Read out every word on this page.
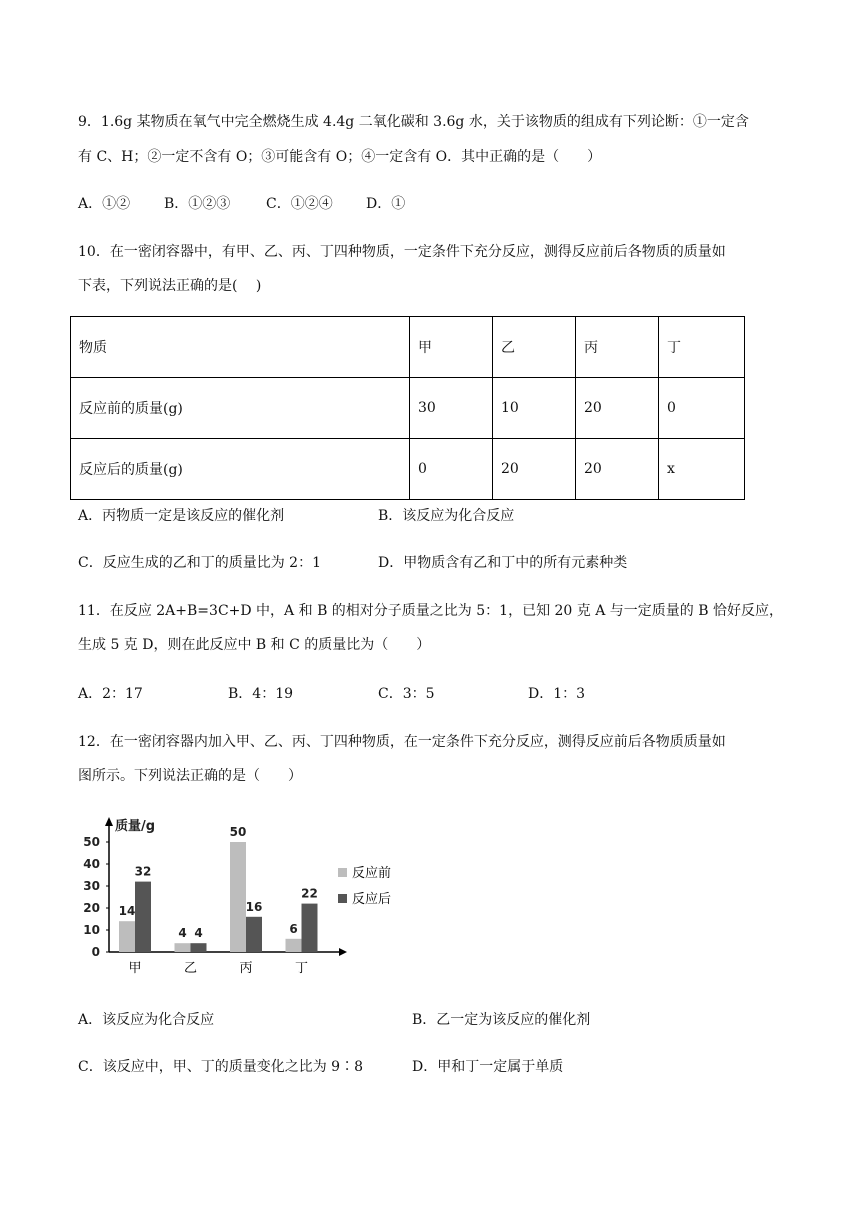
9．1.6g 某物质在氧气中完全燃烧生成 4.4g 二氧化碳和 3.6g 水，关于该物质的组成有下列论断：①一定含
有 C、H；②一定不含有 O；③可能含有 O；④一定含有 O．其中正确的是（　　）
A．①② B．①②③	C．①②④ D．①
10．在一密闭容器中，有甲、乙、丙、丁四种物质，一定条件下充分反应，测得反应前后各物质的质量如
下表，下列说法正确的是(　 )
物质	甲	乙	丙	丁
反应前的质量(g)	30	10	20	0
反应后的质量(g)	0	20	20	x
A．丙物质一定是该反应的催化剂	B．该反应为化合反应
C．反应生成的乙和丁的质量比为 2：1	D．甲物质含有乙和丁中的所有元素种类
11．在反应 2A+B=3C+D 中，A 和 B 的相对分子质量之比为 5：1，已知 20 克 A 与一定质量的 B 恰好反应，
生成 5 克 D，则在此反应中 B 和 C 的质量比为（　　）
A．2：17	B．4：19	C．3：5	D．1：3
12．在一密闭容器内加入甲、乙、丙、丁四种物质，在一定条件下充分反应，测得反应前后各物质质量如
图所示。下列说法正确的是（　　）
质量/g
0
10
20
30
40
50
14
32
甲
4 4
乙
50
16
丙
6
22
丁
反应前
反应后
A．该反应为化合反应	B．乙一定为该反应的催化剂
C．该反应中，甲、丁的质量变化之比为 9∶8	D．甲和丁一定属于单质
